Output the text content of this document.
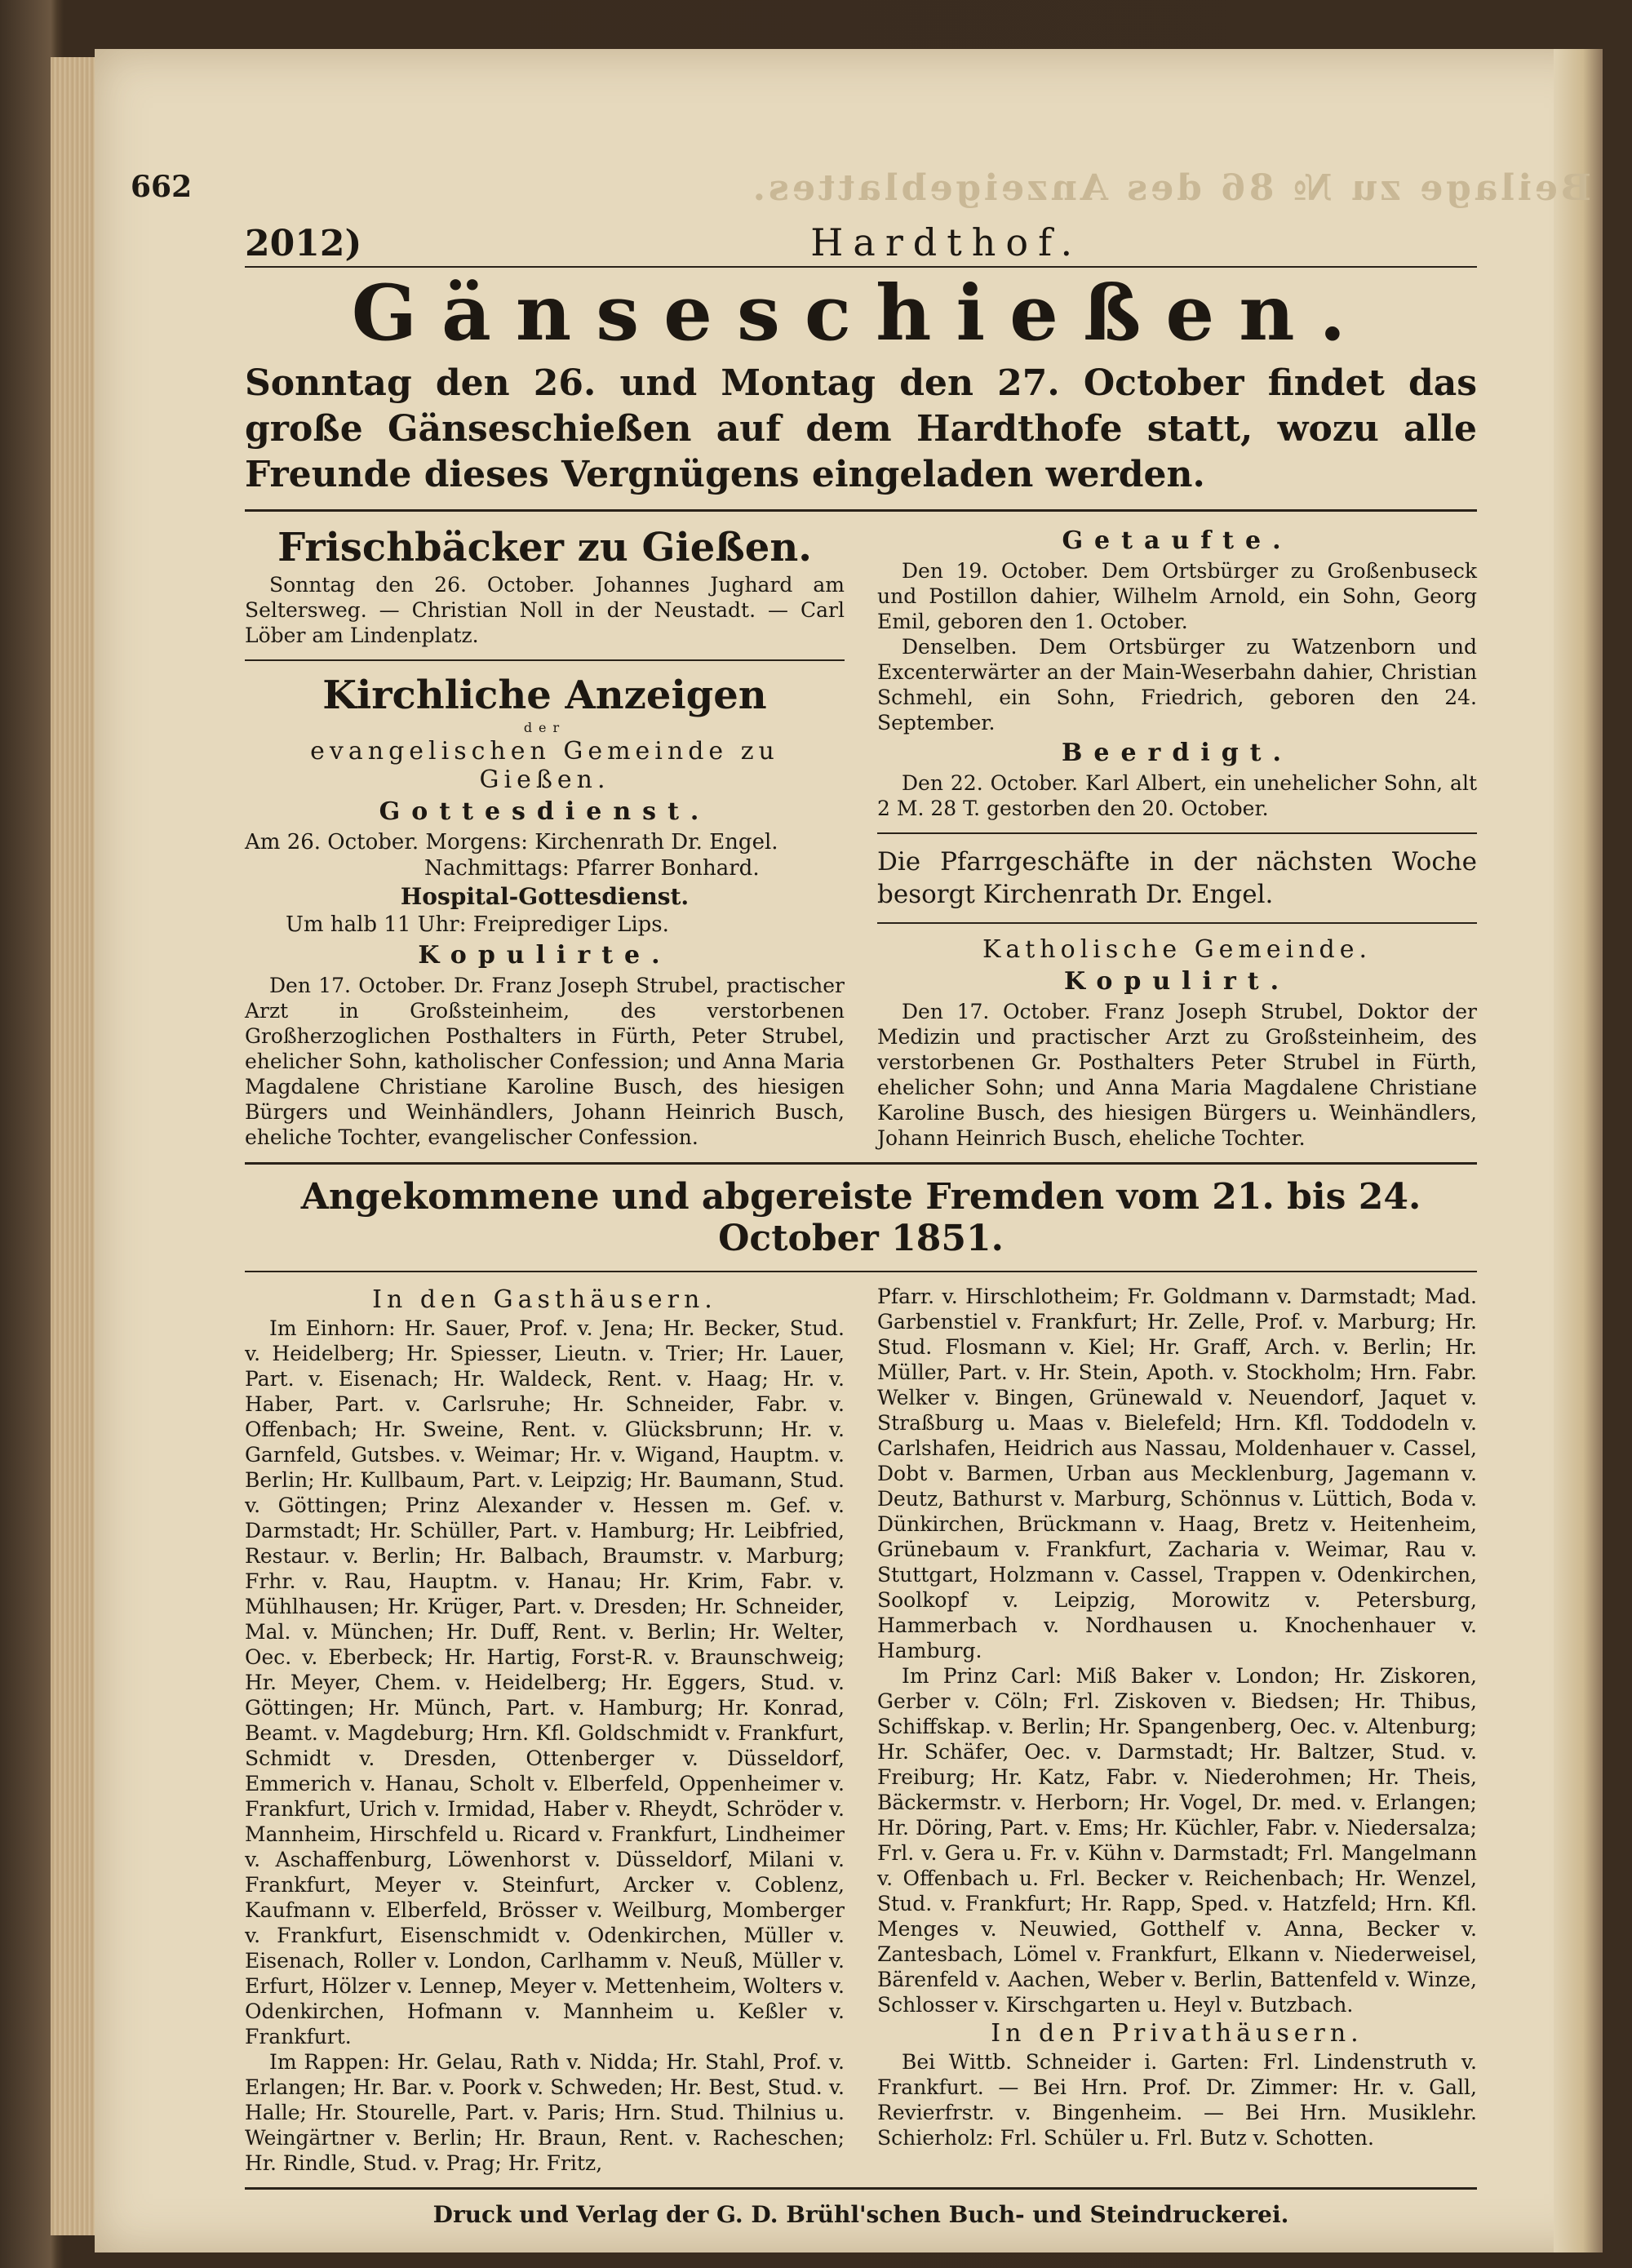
662	Beilage zu № 86 des Anzeigeblattes.
2012)	Hardthof.
Gänseschießen.
Sonntag den 26. und Montag den 27. October findet das große Gänseschießen auf dem Hardthofe statt, wozu alle Freunde dieses Vergnügens eingeladen werden.
Frischbäcker zu Gießen.

Sonntag den 26. October. Johannes Jughard am Seltersweg. — Christian Noll in der Neustadt. — Carl Löber am Lindenplatz.

Kirchliche Anzeigen
der
evangelischen Gemeinde zu Gießen.
Gottesdienst.
Am 26. October. Morgens: Kirchenrath Dr. Engel.
Nachmittags: Pfarrer Bonhard.
Hospital-Gottesdienst.
Um halb 11 Uhr: Freiprediger Lips.
Kopulirte.

Den 17. October. Dr. Franz Joseph Strubel, practischer Arzt in Großsteinheim, des verstorbenen Großherzoglichen Posthalters in Fürth, Peter Strubel, ehelicher Sohn, katholischer Confession; und Anna Maria Magdalene Christiane Karoline Busch, des hiesigen Bürgers und Weinhändlers, Johann Heinrich Busch, eheliche Tochter, evangelischer Confession.

Getaufte.

Den 19. October. Dem Ortsbürger zu Großenbuseck und Postillon dahier, Wilhelm Arnold, ein Sohn, Georg Emil, geboren den 1. October.

Denselben. Dem Ortsbürger zu Watzenborn und Excenterwärter an der Main-Weserbahn dahier, Christian Schmehl, ein Sohn, Friedrich, geboren den 24. September.

Beerdigt.

Den 22. October. Karl Albert, ein unehelicher Sohn, alt 2 M. 28 T. gestorben den 20. October.

Die Pfarrgeschäfte in der nächsten Woche besorgt Kirchenrath Dr. Engel.

Katholische Gemeinde.
Kopulirt.

Den 17. October. Franz Joseph Strubel, Doktor der Medizin und practischer Arzt zu Großsteinheim, des verstorbenen Gr. Posthalters Peter Strubel in Fürth, ehelicher Sohn; und Anna Maria Magdalene Christiane Karoline Busch, des hiesigen Bürgers u. Weinhändlers, Johann Heinrich Busch, eheliche Tochter.

Angekommene und abgereiste Fremden vom 21. bis 24. October 1851.
In den Gasthäusern.

Im Einhorn: Hr. Sauer, Prof. v. Jena; Hr. Becker, Stud. v. Heidelberg; Hr. Spiesser, Lieutn. v. Trier; Hr. Lauer, Part. v. Eisenach; Hr. Waldeck, Rent. v. Haag; Hr. v. Haber, Part. v. Carlsruhe; Hr. Schneider, Fabr. v. Offenbach; Hr. Sweine, Rent. v. Glücksbrunn; Hr. v. Garnfeld, Gutsbes. v. Weimar; Hr. v. Wigand, Hauptm. v. Berlin; Hr. Kullbaum, Part. v. Leipzig; Hr. Baumann, Stud. v. Göttingen; Prinz Alexander v. Hessen m. Gef. v. Darmstadt; Hr. Schüller, Part. v. Hamburg; Hr. Leibfried, Restaur. v. Berlin; Hr. Balbach, Braumstr. v. Marburg; Frhr. v. Rau, Hauptm. v. Hanau; Hr. Krim, Fabr. v. Mühlhausen; Hr. Krüger, Part. v. Dresden; Hr. Schneider, Mal. v. München; Hr. Duff, Rent. v. Berlin; Hr. Welter, Oec. v. Eberbeck; Hr. Hartig, Forst-R. v. Braunschweig; Hr. Meyer, Chem. v. Heidelberg; Hr. Eggers, Stud. v. Göttingen; Hr. Münch, Part. v. Hamburg; Hr. Konrad, Beamt. v. Magdeburg; Hrn. Kfl. Goldschmidt v. Frankfurt, Schmidt v. Dresden, Ottenberger v. Düsseldorf, Emmerich v. Hanau, Scholt v. Elberfeld, Oppenheimer v. Frankfurt, Urich v. Irmidad, Haber v. Rheydt, Schröder v. Mannheim, Hirschfeld u. Ricard v. Frankfurt, Lindheimer v. Aschaffenburg, Löwenhorst v. Düsseldorf, Milani v. Frankfurt, Meyer v. Steinfurt, Arcker v. Coblenz, Kaufmann v. Elberfeld, Brösser v. Weilburg, Momberger v. Frankfurt, Eisenschmidt v. Odenkirchen, Müller v. Eisenach, Roller v. London, Carlhamm v. Neuß, Müller v. Erfurt, Hölzer v. Lennep, Meyer v. Mettenheim, Wolters v. Odenkirchen, Hofmann v. Mannheim u. Keßler v. Frankfurt.

Im Rappen: Hr. Gelau, Rath v. Nidda; Hr. Stahl, Prof. v. Erlangen; Hr. Bar. v. Poork v. Schweden; Hr. Best, Stud. v. Halle; Hr. Stourelle, Part. v. Paris; Hrn. Stud. Thilnius u. Weingärtner v. Berlin; Hr. Braun, Rent. v. Racheschen; Hr. Rindle, Stud. v. Prag; Hr. Fritz,

Pfarr. v. Hirschlotheim; Fr. Goldmann v. Darmstadt; Mad. Garbenstiel v. Frankfurt; Hr. Zelle, Prof. v. Marburg; Hr. Stud. Flosmann v. Kiel; Hr. Graff, Arch. v. Berlin; Hr. Müller, Part. v. Hr. Stein, Apoth. v. Stockholm; Hrn. Fabr. Welker v. Bingen, Grünewald v. Neuendorf, Jaquet v. Straßburg u. Maas v. Bielefeld; Hrn. Kfl. Toddodeln v. Carlshafen, Heidrich aus Nassau, Moldenhauer v. Cassel, Dobt v. Barmen, Urban aus Mecklenburg, Jagemann v. Deutz, Bathurst v. Marburg, Schönnus v. Lüttich, Boda v. Dünkirchen, Brückmann v. Haag, Bretz v. Heitenheim, Grünebaum v. Frankfurt, Zacharia v. Weimar, Rau v. Stuttgart, Holzmann v. Cassel, Trappen v. Odenkirchen, Soolkopf v. Leipzig, Morowitz v. Petersburg, Hammerbach v. Nordhausen u. Knochenhauer v. Hamburg.

Im Prinz Carl: Miß Baker v. London; Hr. Ziskoren, Gerber v. Cöln; Frl. Ziskoven v. Biedsen; Hr. Thibus, Schiffskap. v. Berlin; Hr. Spangenberg, Oec. v. Altenburg; Hr. Schäfer, Oec. v. Darmstadt; Hr. Baltzer, Stud. v. Freiburg; Hr. Katz, Fabr. v. Niederohmen; Hr. Theis, Bäckermstr. v. Herborn; Hr. Vogel, Dr. med. v. Erlangen; Hr. Döring, Part. v. Ems; Hr. Küchler, Fabr. v. Niedersalza; Frl. v. Gera u. Fr. v. Kühn v. Darmstadt; Frl. Mangelmann v. Offenbach u. Frl. Becker v. Reichenbach; Hr. Wenzel, Stud. v. Frankfurt; Hr. Rapp, Sped. v. Hatzfeld; Hrn. Kfl. Menges v. Neuwied, Gotthelf v. Anna, Becker v. Zantesbach, Lömel v. Frankfurt, Elkann v. Niederweisel, Bärenfeld v. Aachen, Weber v. Berlin, Battenfeld v. Winze, Schlosser v. Kirschgarten u. Heyl v. Butzbach.

In den Privathäusern.

Bei Wittb. Schneider i. Garten: Frl. Lindenstruth v. Frankfurt. — Bei Hrn. Prof. Dr. Zimmer: Hr. v. Gall, Revierfrstr. v. Bingenheim. — Bei Hrn. Musiklehr. Schierholz: Frl. Schüler u. Frl. Butz v. Schotten.

Druck und Verlag der G. D. Brühl'schen Buch- und Steindruckerei.
